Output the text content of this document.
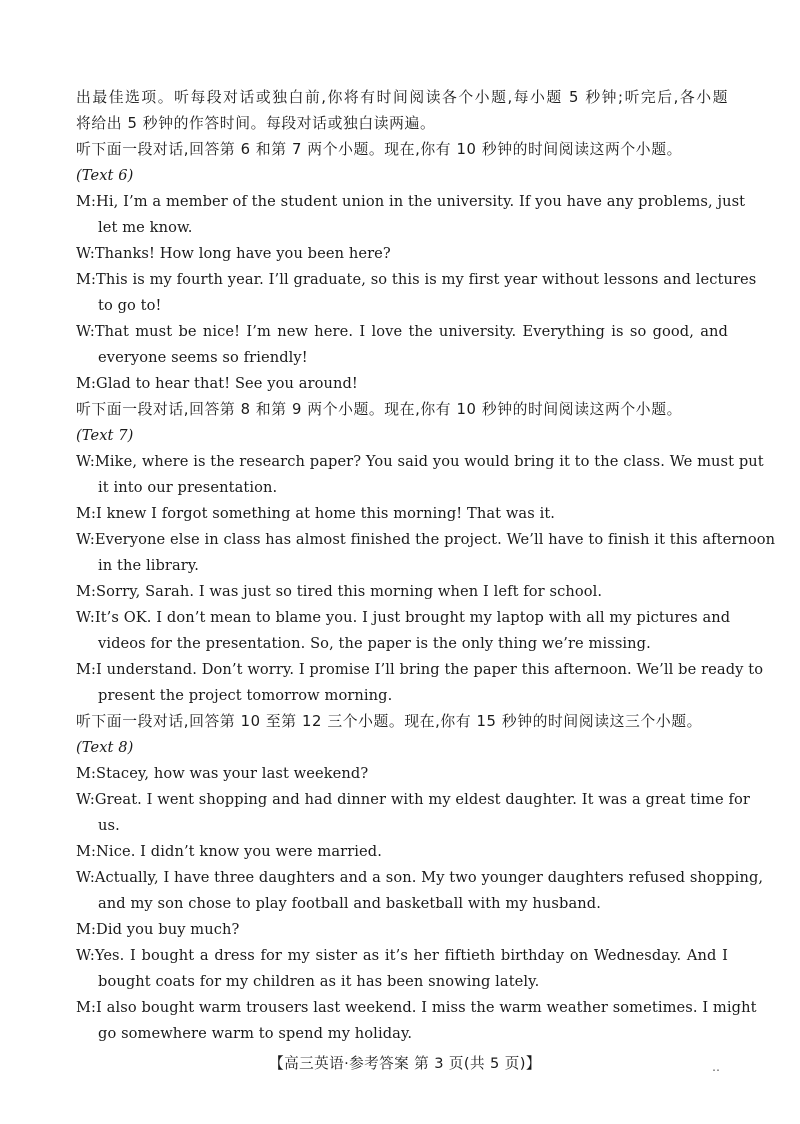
出最佳选项。听每段对话或独白前,你将有时间阅读各个小题,每小题 5 秒钟;听完后,各小题
将给出 5 秒钟的作答时间。每段对话或独白读两遍。
听下面一段对话,回答第 6 和第 7 两个小题。现在,你有 10 秒钟的时间阅读这两个小题。
(Text 6)
M:Hi, I’m a member of the student union in the university. If you have any problems, just
let me know.
W:Thanks! How long have you been here?
M:This is my fourth year. I’ll graduate, so this is my first year without lessons and lectures
to go to!
W:That must be nice! I’m new here. I love the university. Everything is so good, and
everyone seems so friendly!
M:Glad to hear that! See you around!
听下面一段对话,回答第 8 和第 9 两个小题。现在,你有 10 秒钟的时间阅读这两个小题。
(Text 7)
W:Mike, where is the research paper? You said you would bring it to the class. We must put
it into our presentation.
M:I knew I forgot something at home this morning! That was it.
W:Everyone else in class has almost finished the project. We’ll have to finish it this afternoon
in the library.
M:Sorry, Sarah. I was just so tired this morning when I left for school.
W:It’s OK. I don’t mean to blame you. I just brought my laptop with all my pictures and
videos for the presentation. So, the paper is the only thing we’re missing.
M:I understand. Don’t worry. I promise I’ll bring the paper this afternoon. We’ll be ready to
present the project tomorrow morning.
听下面一段对话,回答第 10 至第 12 三个小题。现在,你有 15 秒钟的时间阅读这三个小题。
(Text 8)
M:Stacey, how was your last weekend?
W:Great. I went shopping and had dinner with my eldest daughter. It was a great time for
us.
M:Nice. I didn’t know you were married.
W:Actually, I have three daughters and a son. My two younger daughters refused shopping,
and my son chose to play football and basketball with my husband.
M:Did you buy much?
W:Yes. I bought a dress for my sister as it’s her fiftieth birthday on Wednesday. And I
bought coats for my children as it has been snowing lately.
M:I also bought warm trousers last weekend. I miss the warm weather sometimes. I might
go somewhere warm to spend my holiday.
【高三英语·参考答案 第 3 页(共 5 页)】	‥
